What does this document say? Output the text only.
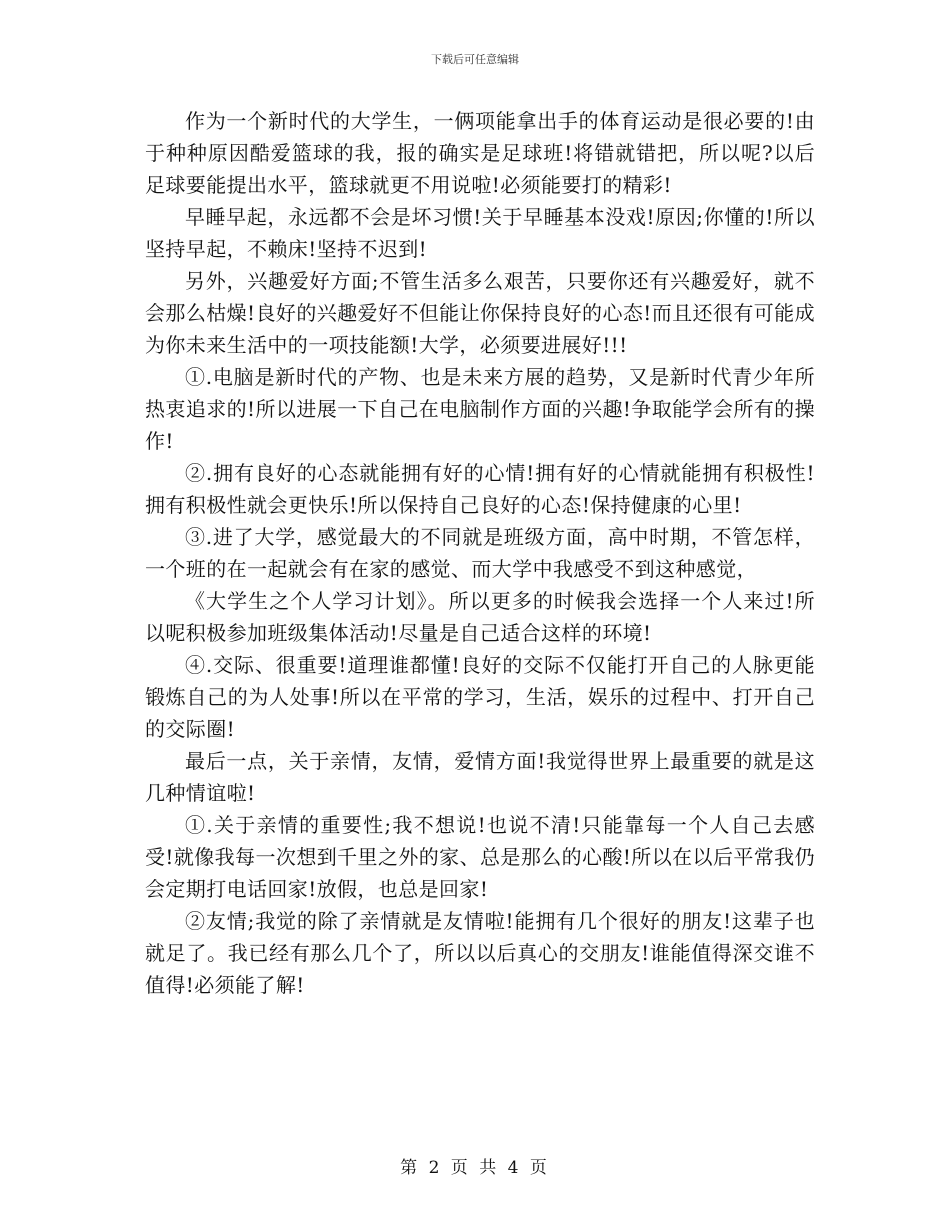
下载后可任意编辑

作为一个新时代的大学生，一俩项能拿出手的体育运动是很必要的!由于种种原因酷爱篮球的我，报的确实是足球班!将错就错把，所以呢?以后足球要能提出水平，篮球就更不用说啦!必须能要打的精彩!

早睡早起，永远都不会是坏习惯!关于早睡基本没戏!原因;你懂的!所以坚持早起，不赖床!坚持不迟到!

另外，兴趣爱好方面;不管生活多么艰苦，只要你还有兴趣爱好，就不会那么枯燥!良好的兴趣爱好不但能让你保持良好的心态!而且还很有可能成为你未来生活中的一项技能额!大学，必须要进展好!!!

①.电脑是新时代的产物、也是未来方展的趋势，又是新时代青少年所热衷追求的!所以进展一下自己在电脑制作方面的兴趣!争取能学会所有的操作!

②.拥有良好的心态就能拥有好的心情!拥有好的心情就能拥有积极性!拥有积极性就会更快乐!所以保持自己良好的心态!保持健康的心里!

③.进了大学，感觉最大的不同就是班级方面，高中时期，不管怎样，一个班的在一起就会有在家的感觉、而大学中我感受不到这种感觉，

《大学生之个人学习计划》。所以更多的时候我会选择一个人来过!所以呢积极参加班级集体活动!尽量是自己适合这样的环境!

④.交际、很重要!道理谁都懂!良好的交际不仅能打开自己的人脉更能锻炼自己的为人处事!所以在平常的学习，生活，娱乐的过程中、打开自己的交际圈!

最后一点，关于亲情，友情，爱情方面!我觉得世界上最重要的就是这几种情谊啦!

①.关于亲情的重要性;我不想说!也说不清!只能靠每一个人自己去感受!就像我每一次想到千里之外的家、总是那么的心酸!所以在以后平常我仍会定期打电话回家!放假，也总是回家!

②友情;我觉的除了亲情就是友情啦!能拥有几个很好的朋友!这辈子也就足了。我已经有那么几个了，所以以后真心的交朋友!谁能值得深交谁不值得!必须能了解!

第 2 页 共 4 页
